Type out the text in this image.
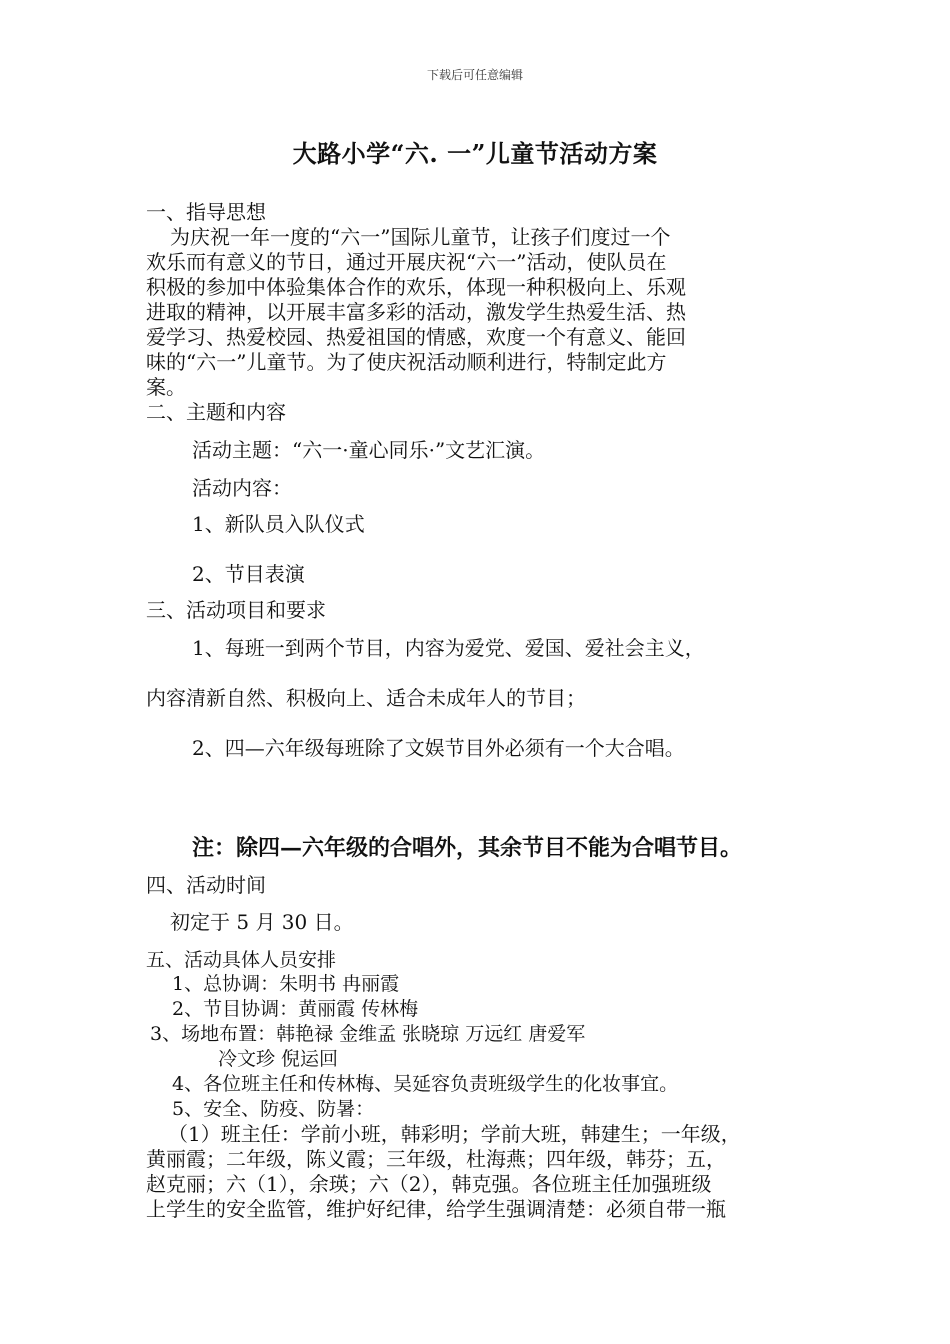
下载后可任意编辑
大路小学“六. 一”儿童节活动方案
一、指导思想
为庆祝一年一度的“六一”国际儿童节，让孩子们度过一个
欢乐而有意义的节日，通过开展庆祝“六一”活动，使队员在
积极的参加中体验集体合作的欢乐，体现一种积极向上、乐观
进取的精神，以开展丰富多彩的活动，激发学生热爱生活、热
爱学习、热爱校园、热爱祖国的情感，欢度一个有意义、能回
味的“六一”儿童节。为了使庆祝活动顺利进行，特制定此方
案。
二、主题和内容
活动主题：“六一·童心同乐·”文艺汇演。
活动内容：
1、新队员入队仪式
2、节目表演
三、活动项目和要求
1、每班一到两个节目，内容为爱党、爱国、爱社会主义，
内容清新自然、积极向上、适合未成年人的节目；
2、四—六年级每班除了文娱节目外必须有一个大合唱。
注：除四—六年级的合唱外，其余节目不能为合唱节目。
四、活动时间
初定于 5 月 30 日。
五、活动具体人员安排
1、总协调：朱明书 冉丽霞
2、节目协调：黄丽霞 传林梅
3、场地布置：韩艳禄 金维孟 张晓琼 万远红 唐爱军
冷文珍 倪运回
4、各位班主任和传林梅、吴延容负责班级学生的化妆事宜。
5、安全、防疫、防暑：
（1）班主任：学前小班，韩彩明；学前大班，韩建生；一年级，
黄丽霞；二年级，陈义霞；三年级，杜海燕；四年级，韩芬；五，
赵克丽；六（1），余瑛；六（2），韩克强。各位班主任加强班级
上学生的安全监管，维护好纪律，给学生强调清楚：必须自带一瓶
